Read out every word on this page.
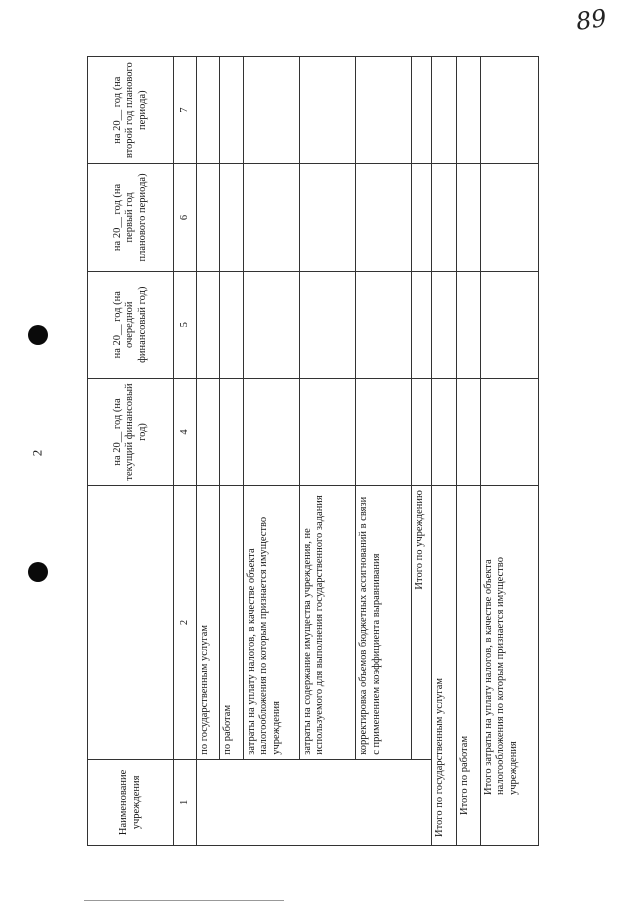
89
2
Наименование учреждения		на 20__ год (на текущий финансовый год)	на 20__ год (на очередной финансовый год)	на 20__ год (на первый год планового периода)	на 20__ год (на второй год планового периода)
1	2	4	5	6	7
	по государственным услугам				
	по работам				
	затраты на уплату налогов, в качестве объекта налогообложения по которым признается имущество учреждения				
	затраты на содержание имущества учреждения, не используемого для выполнения государственного задания				
	корректировка объемов бюджетных ассигнований в связи с применением коэффициента выравнивания				
	Итого по учреждению				
Итого по государственным услугам					
Итого по работам					
Итого затраты на уплату налогов, в качестве объекта налогообложения по которым признается имущество учреждения					
